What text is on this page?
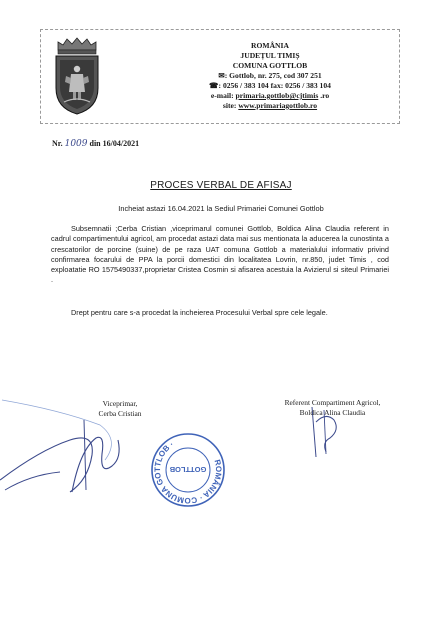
ROMÂNIA
JUDEȚUL TIMIȘ
COMUNA GOTTLOB
✉: Gottlob, nr. 275, cod 307 251
☎: 0256 / 383 104 fax: 0256 / 383 104
e-mail: primaria.gottlob@cjtimis .ro
site: www.primariagottlob.ro
Nr. 1009 din 16/04/2021
PROCES VERBAL DE AFISAJ
Incheiat astazi 16.04.2021 la Sediul Primariei Comunei Gottlob
Subsemnatii ;Cerba Cristian ,viceprimarul comunei Gottlob, Boldica Alina Claudia referent in cadrul compartimentului agricol, am procedat astazi data mai sus mentionata la aducerea la cunostinta a crescatorilor de porcine (suine) de pe raza UAT comuna Gottlob a materialului informativ privind confirmarea focarului de PPA la porcii domestici din localitatea Lovrin, nr.850, judet Timis , cod exploatatie RO 1575490337,proprietar Cristea Cosmin si afisarea acestuia la Avizierul si siteul Primariei .
Drept pentru care s-a procedat la incheierea Procesului Verbal spre cele legale.
ROMÂNIA · COMUNA GOTTLOB ·
GOTTLOB
Viceprimar,
Cerba Cristian
Referent Compartiment Agricol,
Boldica Alina Claudia
